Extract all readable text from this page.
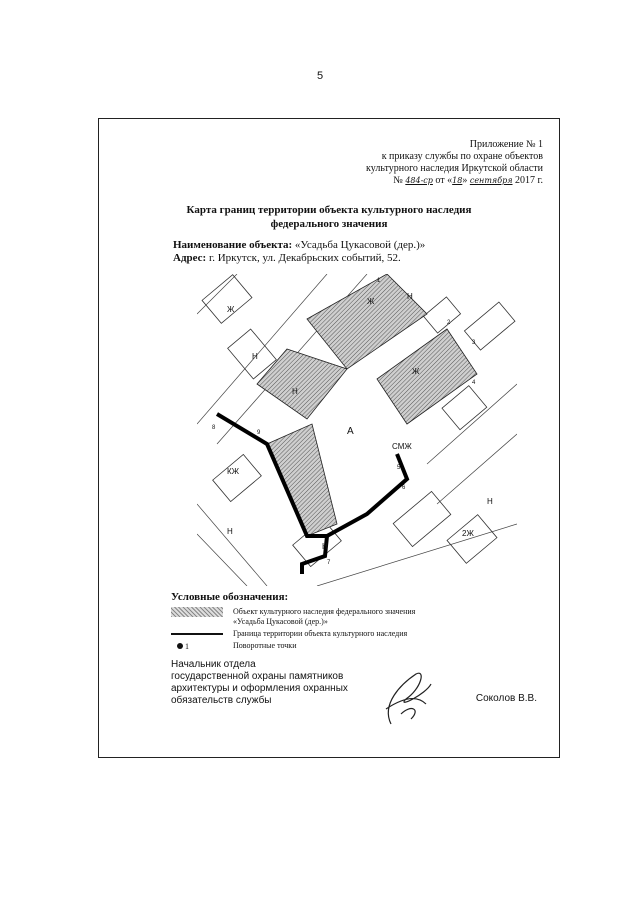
5
Приложение № 1
к приказу службы по охране объектов
культурного наследия Иркутской области
№ 484-ср от «18» сентября 2017 г.
Карта границ территории объекта культурного наследия
федерального значения
Наименование объекта: «Усадьба Цукасовой (дер.)»
Адрес: г. Иркутск, ул. Декабрьских событий, 52.
Ж
Ж
Ж
Н
Н
Н
А
КЖ
СМЖ
2Ж
Н
Н
Н
1
2
3
4
5
6
7
8
9
Условные обозначения:
Объект культурного наследия федерального значения
«Усадьба Цукасовой (дер.)»
Граница территории объекта культурного наследия
1	Поворотные точки
Начальник отдела
государственной охраны памятников
архитектуры и оформления охранных
обязательств службы	Соколов В.В.
